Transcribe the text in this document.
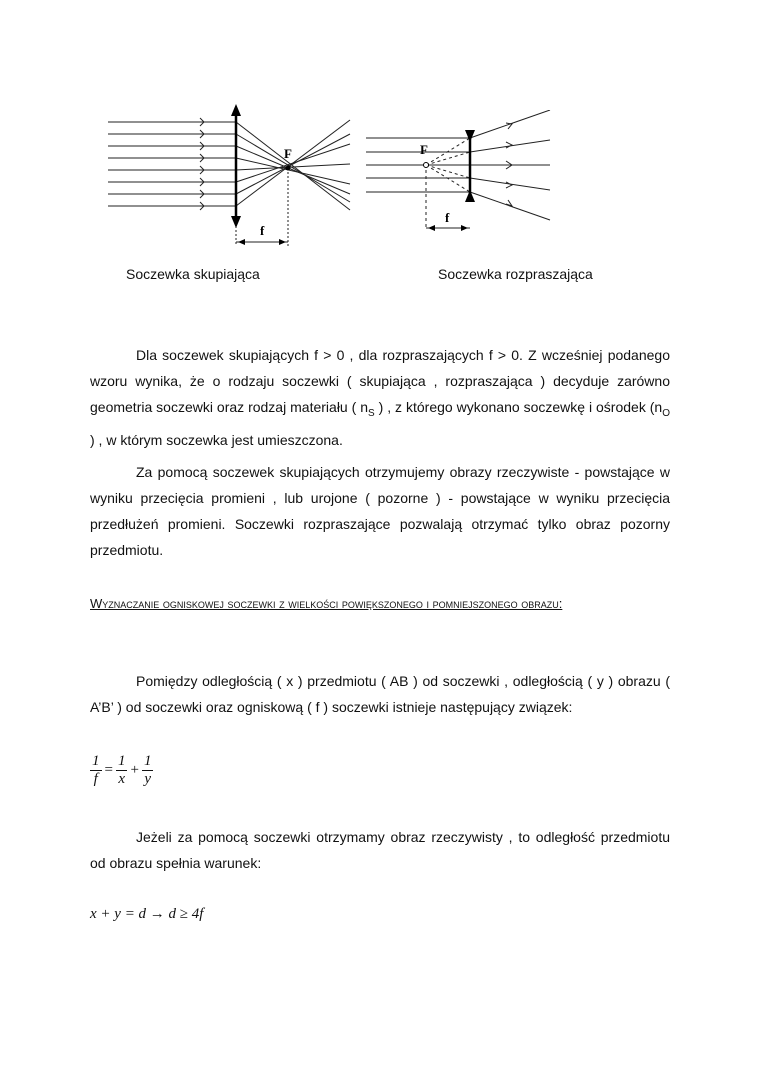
F
f
F
f
Soczewka skupiająca	Soczewka rozpraszająca

Dla soczewek skupiających f > 0 , dla rozpraszających f > 0. Z wcześniej podanego wzoru wynika, że o rodzaju soczewki ( skupiająca , rozpraszająca ) decyduje zarówno geometria soczewki oraz rodzaj materiału ( $n_S$ ) , z którego wykonano soczewkę i ośrodek ($n_O$ ) , w którym soczewka jest umieszczona.

Za pomocą soczewek skupiających otrzymujemy obrazy rzeczywiste - powstające w wyniku przecięcia promieni , lub urojone ( pozorne ) - powstające w wyniku przecięcia przedłużeń promieni. Soczewki rozpraszające pozwalają otrzymać tylko obraz pozorny przedmiotu.

Wyznaczanie ogniskowej soczewki z wielkości powiększonego i pomniejszonego obrazu:

Pomiędzy odległością ( x ) przedmiotu ( AB ) od soczewki , odległością ( y ) obrazu ( A’B’ ) od soczewki oraz ogniskową ( f ) soczewki istnieje następujący związek:

$\frac{1}{f} = \frac{1}{x} + \frac{1}{y}$

Jeżeli za pomocą soczewki otrzymamy obraz rzeczywisty , to odległość przedmiotu od obrazu spełnia warunek:

x + y = d → d ≥ 4f
